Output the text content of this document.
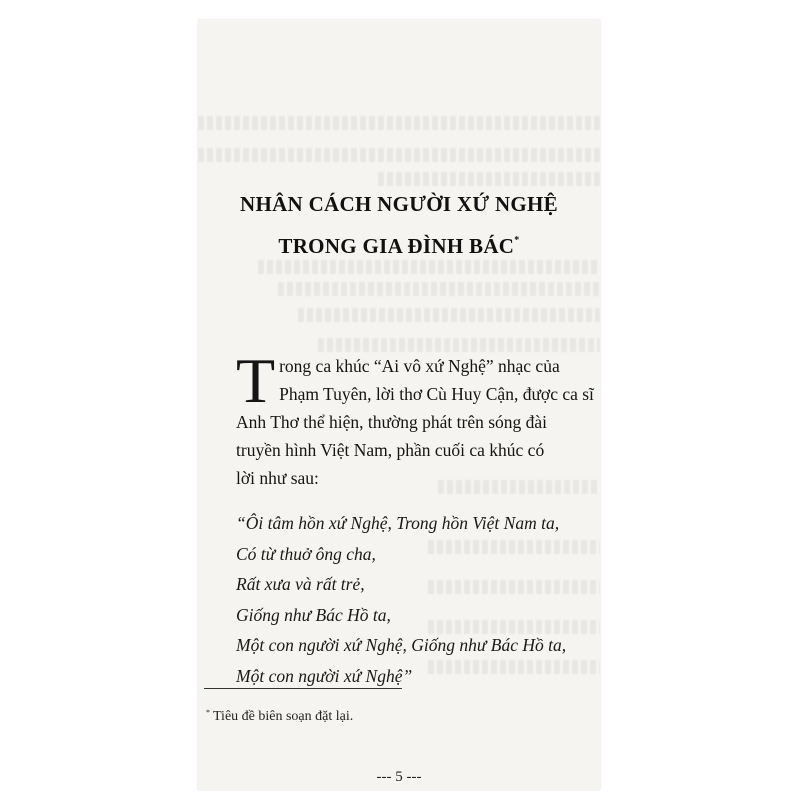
NHÂN CÁCH NGƯỜI XỨ NGHỆ
TRONG GIA ĐÌNH BÁC*
T rong ca khúc “Ai vô xứ Nghệ” nhạc của
Phạm Tuyên, lời thơ Cù Huy Cận, được ca sĩ
Anh Thơ thể hiện, thường phát trên sóng đài
truyền hình Việt Nam, phần cuối ca khúc có
lời như sau:
“Ôi tâm hồn xứ Nghệ, Trong hồn Việt Nam ta,
Có từ thuở ông cha,
Rất xưa và rất trẻ,
Giống như Bác Hồ ta,
Một con người xứ Nghệ, Giống như Bác Hồ ta,
Một con người xứ Nghệ”
* Tiêu đề biên soạn đặt lại.
--- 5 ---
